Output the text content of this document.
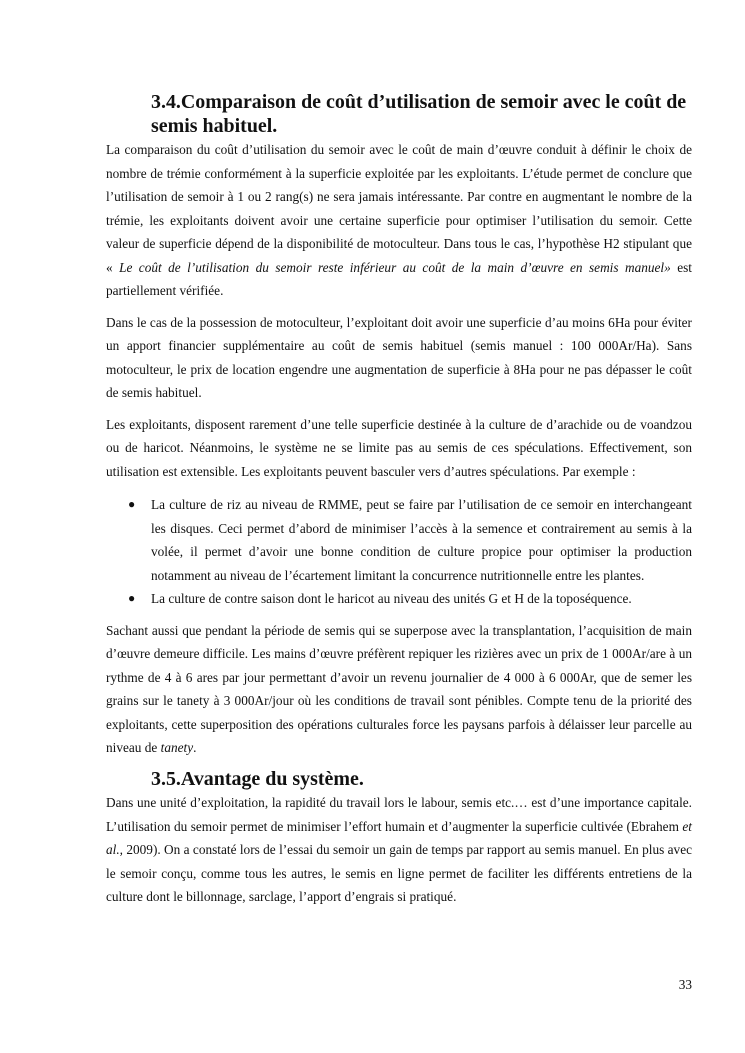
3.4.Comparaison de coût d’utilisation de semoir avec le coût de semis habituel.

La comparaison du coût d’utilisation du semoir avec le coût de main d’œuvre conduit à définir le choix de nombre de trémie conformément à la superficie exploitée par les exploitants. L’étude permet de conclure que l’utilisation de semoir à 1 ou 2 rang(s) ne sera jamais intéressante. Par contre en augmentant le nombre de la trémie, les exploitants doivent avoir une certaine superficie pour optimiser l’utilisation du semoir. Cette valeur de superficie dépend de la disponibilité de motoculteur. Dans tous le cas, l’hypothèse H2 stipulant que « Le coût de l’utilisation du semoir reste inférieur au coût de la main d’œuvre en semis manuel» est partiellement vérifiée.

Dans le cas de la possession de motoculteur, l’exploitant doit avoir une superficie d’au moins 6Ha pour éviter un apport financier supplémentaire au coût de semis habituel (semis manuel : 100 000Ar/Ha). Sans motoculteur, le prix de location engendre une augmentation de superficie à 8Ha pour ne pas dépasser le coût de semis habituel.

Les exploitants, disposent rarement d’une telle superficie destinée à la culture de d’arachide ou de voandzou ou de haricot. Néanmoins, le système ne se limite pas au semis de ces spéculations. Effectivement, son utilisation est extensible. Les exploitants peuvent basculer vers d’autres spéculations. Par exemple :

● La culture de riz au niveau de RMME, peut se faire par l’utilisation de ce semoir en interchangeant les disques. Ceci permet d’abord de minimiser l’accès à la semence et contrairement au semis à la volée, il permet d’avoir une bonne condition de culture propice pour optimiser la production notamment au niveau de l’écartement limitant la concurrence nutritionnelle entre les plantes.
● La culture de contre saison dont le haricot au niveau des unités G et H de la toposéquence.

Sachant aussi que pendant la période de semis qui se superpose avec la transplantation, l’acquisition de main d’œuvre demeure difficile. Les mains d’œuvre préfèrent repiquer les rizières avec un prix de 1 000Ar/are à un rythme de 4 à 6 ares par jour permettant d’avoir un revenu journalier de 4 000 à 6 000Ar, que de semer les grains sur le tanety à 3 000Ar/jour où les conditions de travail sont pénibles. Compte tenu de la priorité des exploitants, cette superposition des opérations culturales force les paysans parfois à délaisser leur parcelle au niveau de tanety.

3.5.Avantage du système.

Dans une unité d’exploitation, la rapidité du travail lors le labour, semis etc.… est d’une importance capitale. L’utilisation du semoir permet de minimiser l’effort humain et d’augmenter la superficie cultivée (Ebrahem et al., 2009). On a constaté lors de l’essai du semoir un gain de temps par rapport au semis manuel. En plus avec le semoir conçu, comme tous les autres, le semis en ligne permet de faciliter les différents entretiens de la culture dont le billonnage, sarclage, l’apport d’engrais si pratiqué.

33
